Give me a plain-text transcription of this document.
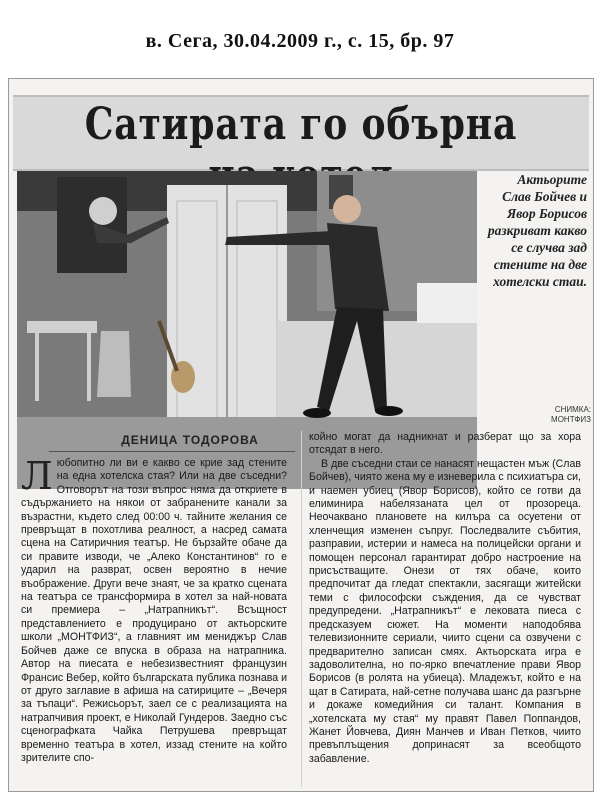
в. Сега, 30.04.2009 г., с. 15, бр. 97
Сатирата го обърна
Актьорите Слав Бойчев и Явор Борисов разкриват какво се случва зад стените на две хотелски стаи.
СНИМКА: МОНТФИЗ
ДЕНИЦА ТОДОРОВА

Любопитно ли ви е какво се крие зад стените на една хотелска стая? Или на две съседни? Отговорът на този въпрос няма да откриете в съдържанието на някои от забранените канали за възрастни, където след 00:00 ч. тайните желания се превръщат в похотлива реалност, а насред самата сцена на Сатиричния театър. Не бързайте обаче да си правите изводи, че „Алеко Константинов“ го е ударил на разврат, освен вероятно в нечие въображение. Други вече знаят, че за кратко сцената на театъра се трансформира в хотел за най-новата си премиера – „Натрапникът“. Всъщност представлението е продуцирано от актьорските школи „МОНТФИЗ“, а главният им мениджър Слав Бойчев даже се впуска в образа на натрапника. Автор на пиесата е небезизвестният французин Франсис Вебер, който българската публика познава и от друго заглавие в афиша на сатириците – „Вечеря за тъпаци“. Режисьорът, заел се с реализацията на натрапчивия проект, е Николай Гундеров. Заедно със сценографката Чайка Петрушева превръщат временно театъра в хотел, иззад стените на който зрителите спо-

койно могат да надникнат и разберат що за хора отсядат в него.

В две съседни стаи се нанасят нещастен мъж (Слав Бойчев), чиято жена му е изневерила с психиатъра си, и наемен убиец (Явор Борисов), който се готви да елиминира набелязаната цел от прозореца. Неочаквано плановете на килъра са осуетени от хленчещия изменен съпруг. Последвалите събития, разправии, истерии и намеса на полицейски органи и помощен персонал гарантират добро настроение на присъстващите. Онези от тях обаче, които предпочитат да гледат спектакли, засягащи житейски теми с философски съждения, да се чувстват предупредени. „Натрапникът“ е лековата пиеса с предсказуем сюжет. На моменти наподобява телевизионните сериали, чиито сцени са озвучени с предварително записан смях. Актьорската игра е задоволителна, но по-ярко впечатление прави Явор Борисов (в ролята на убиеца). Младежът, който е на щат в Сатирата, най-сетне получава шанс да разгърне и докаже комедийния си талант. Компания в „хотелската му стая“ му правят Павел Поппандов, Жанет Йовчева, Диян Манчев и Иван Петков, чиито превъплъщения допринасят за всеобщото забавление.
